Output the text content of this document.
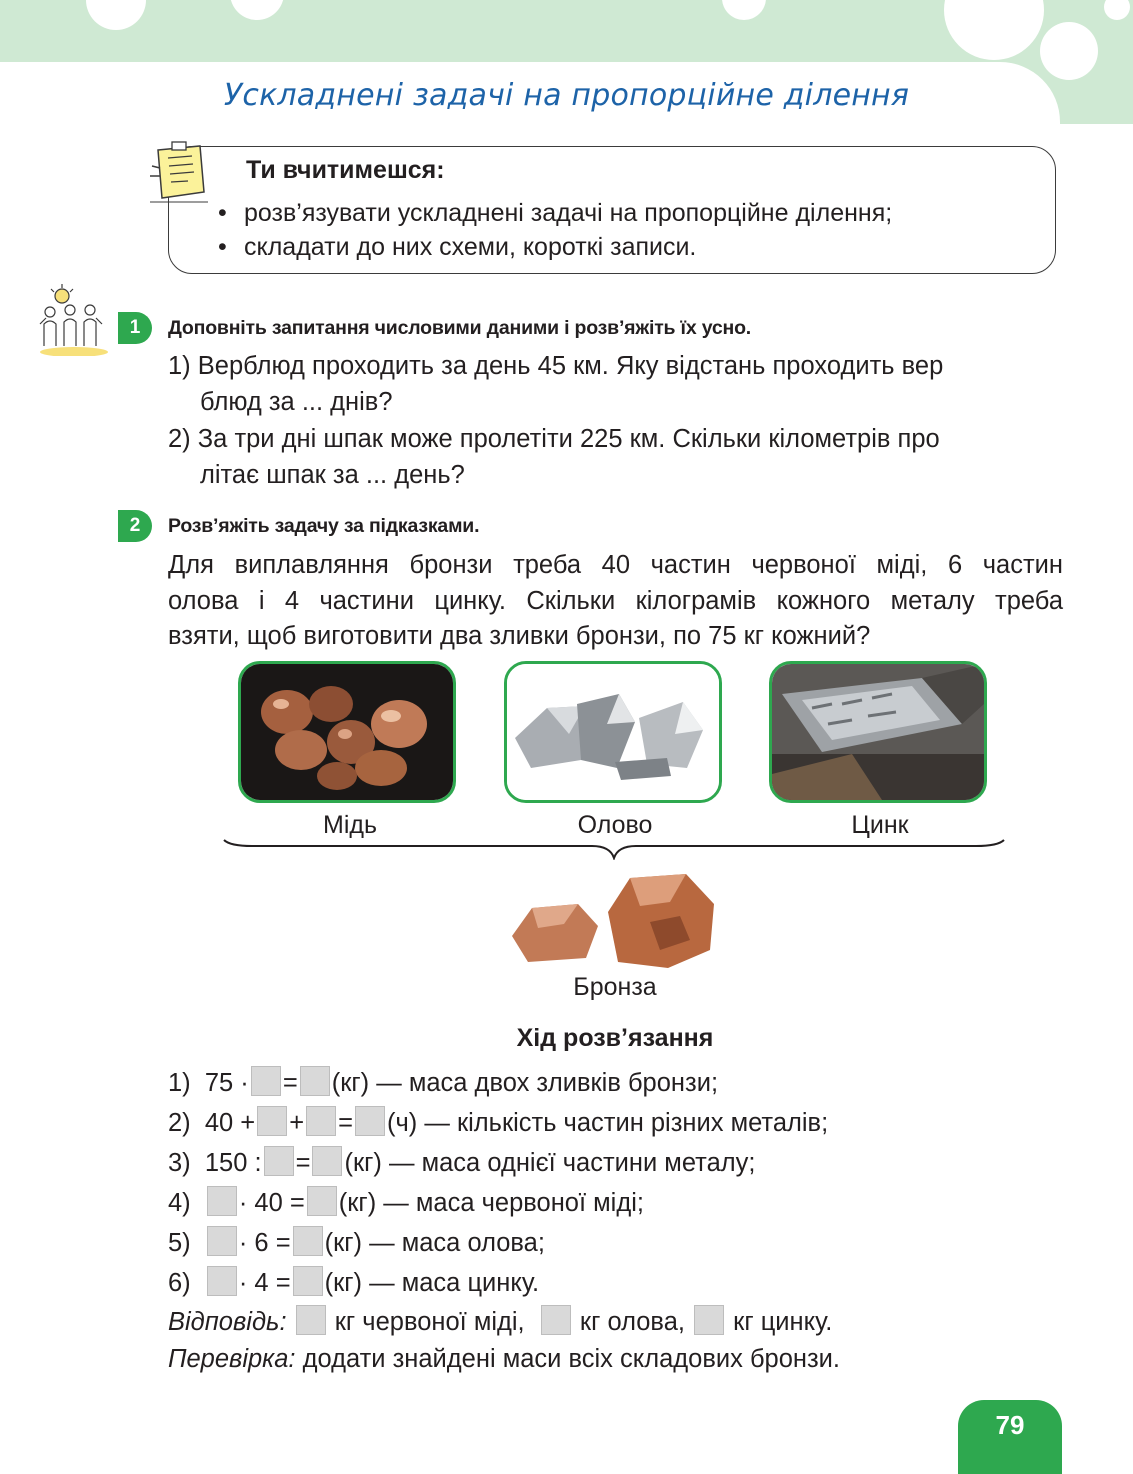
Ускладнені задачі на пропорційне ділення
Ти вчитимешся:
• розв’язувати ускладнені задачі на пропорційне ділення;
• складати до них схеми, короткі записи.
1	Доповніть запитання числовими даними і розв’яжіть їх усно.
1) Верблюд проходить за день 45 км. Яку відстань проходить вер
блюд за ... днів?
2) За три дні шпак може пролетіти 225 км. Скільки кілометрів про
літає шпак за ... день?
2	Розв’яжіть задачу за підказками.
Для виплавляння бронзи треба 40 частин червоної міді, 6 частин
олова і 4 частини цинку. Скільки кілограмів кожного металу треба
взяти, щоб виготовити два зливки бронзи, по 75 кг кожний?
Мідь	Олово	Цинк
Бронза
Хід розв’язання
1) 75 · = (кг) — маса двох зливків бронзи;
2) 40 + + = (ч) — кількість частин різних металів;
3) 150 : = (кг) — маса однієї частини металу;
4) · 40 = (кг) — маса червоної міді;
5) · 6 = (кг) — маса олова;
6) · 4 = (кг) — маса цинку.
Відповідь: кг червоної міді, кг олова, кг цинку.
Перевірка: додати знайдені маси всіх складових бронзи.
79
